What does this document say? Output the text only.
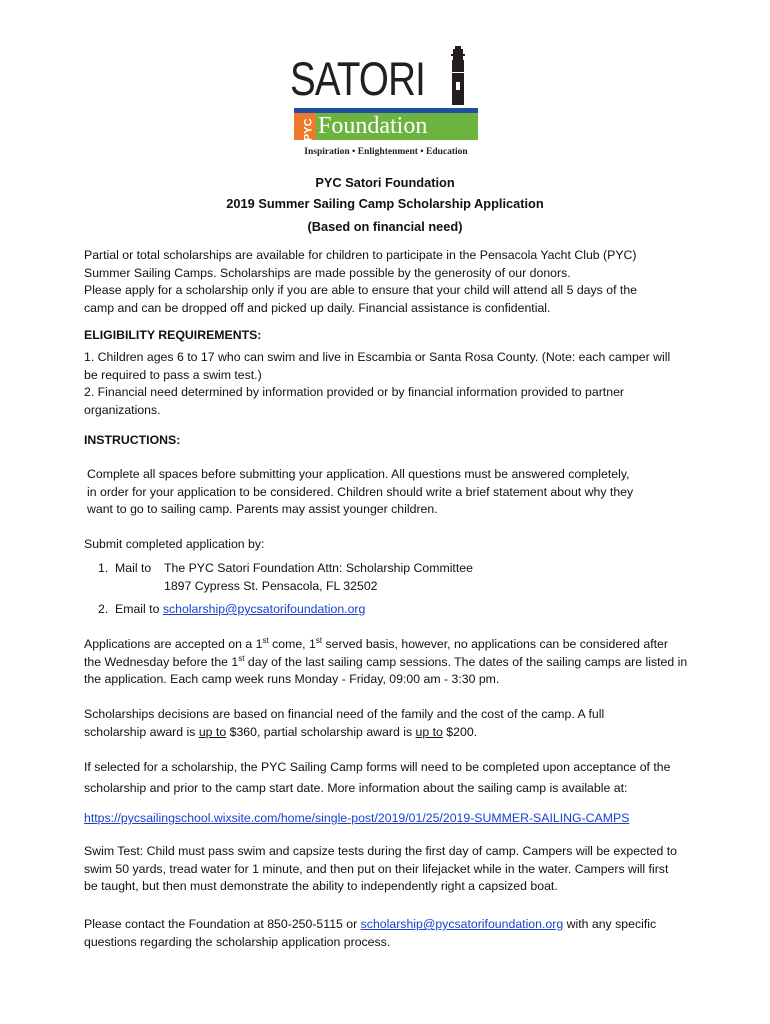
SATORI
PYC Foundation
Inspiration • Enlightenment • Education
PYC Satori Foundation
2019 Summer Sailing Camp Scholarship Application
(Based on financial need)
Partial or total scholarships are available for children to participate in the Pensacola Yacht Club (PYC)
Summer Sailing Camps. Scholarships are made possible by the generosity of our donors.
Please apply for a scholarship only if you are able to ensure that your child will attend all 5 days of the
camp and can be dropped off and picked up daily. Financial assistance is confidential.
ELIGIBILITY REQUIREMENTS:
1. Children ages 6 to 17 who can swim and live in Escambia or Santa Rosa County. (Note: each camper will
be required to pass a swim test.)
2. Financial need determined by information provided or by financial information provided to partner
organizations.
INSTRUCTIONS:
Complete all spaces before submitting your application. All questions must be answered completely,
in order for your application to be considered. Children should write a brief statement about why they
want to go to sailing camp. Parents may assist younger children.
Submit completed application by:
1. Mail to The PYC Satori Foundation Attn: Scholarship Committee
1897 Cypress St. Pensacola, FL 32502
2. Email to scholarship@pycsatorifoundation.org
Applications are accepted on a 1st come, 1st served basis, however, no applications can be considered after
the Wednesday before the 1st day of the last sailing camp sessions. The dates of the sailing camps are listed in
the application. Each camp week runs Monday - Friday, 09:00 am - 3:30 pm.
Scholarships decisions are based on financial need of the family and the cost of the camp. A full
scholarship award is up to $360, partial scholarship award is up to $200.
If selected for a scholarship, the PYC Sailing Camp forms will need to be completed upon acceptance of the
scholarship and prior to the camp start date. More information about the sailing camp is available at:
https://pycsailingschool.wixsite.com/home/single-post/2019/01/25/2019-SUMMER-SAILING-CAMPS
Swim Test: Child must pass swim and capsize tests during the first day of camp. Campers will be expected to
swim 50 yards, tread water for 1 minute, and then put on their lifejacket while in the water. Campers will first
be taught, but then must demonstrate the ability to independently right a capsized boat.
Please contact the Foundation at 850-250-5115 or scholarship@pycsatorifoundation.org with any specific
questions regarding the scholarship application process.
